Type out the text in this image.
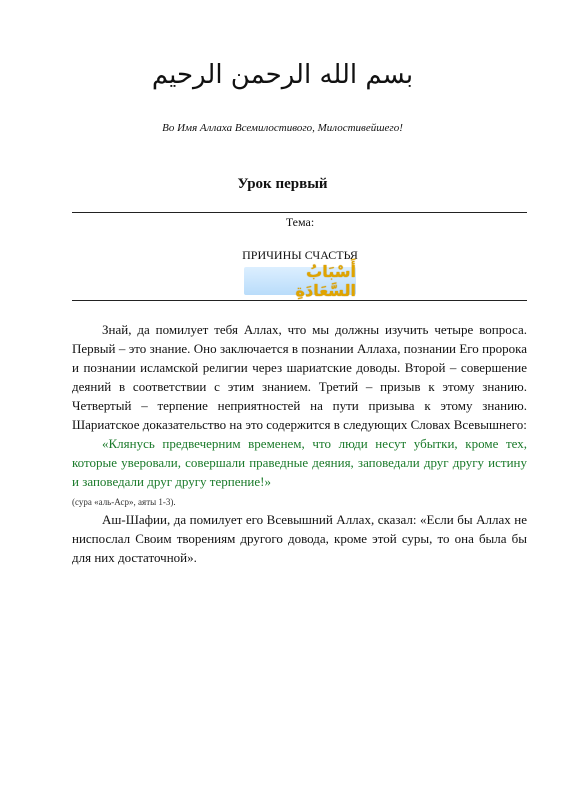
بسم الله الرحمن الرحيم
Во Имя Аллаха Всемилостивого, Милостивейшего!
Урок первый
Тема:
ПРИЧИНЫ СЧАСТЬЯ
أَسْبَابُ السَّعَادَةِ

Знай, да помилует тебя Аллах, что мы должны изучить четыре вопроса. Первый – это знание. Оно заключается в познании Аллаха, познании Его пророка и познании исламской религии через шариатские доводы. Второй – совершение деяний в соответствии с этим знанием. Третий – призыв к этому знанию. Четвертый – терпение неприятностей на пути призыва к этому знанию. Шариатское доказательство на это содержится в следующих Словах Всевышнего:

«Клянусь предвечерним временем, что люди несут убытки, кроме тех, которые уверовали, совершали праведные деяния, заповедали друг другу истину и заповедали друг другу терпение!»
(сура «аль-Аср», аяты 1-3).

Аш-Шафии, да помилует его Всевышний Аллах, сказал: «Если бы Аллах не ниспослал Своим творениям другого довода, кроме этой суры, то она была бы для них достаточной».
